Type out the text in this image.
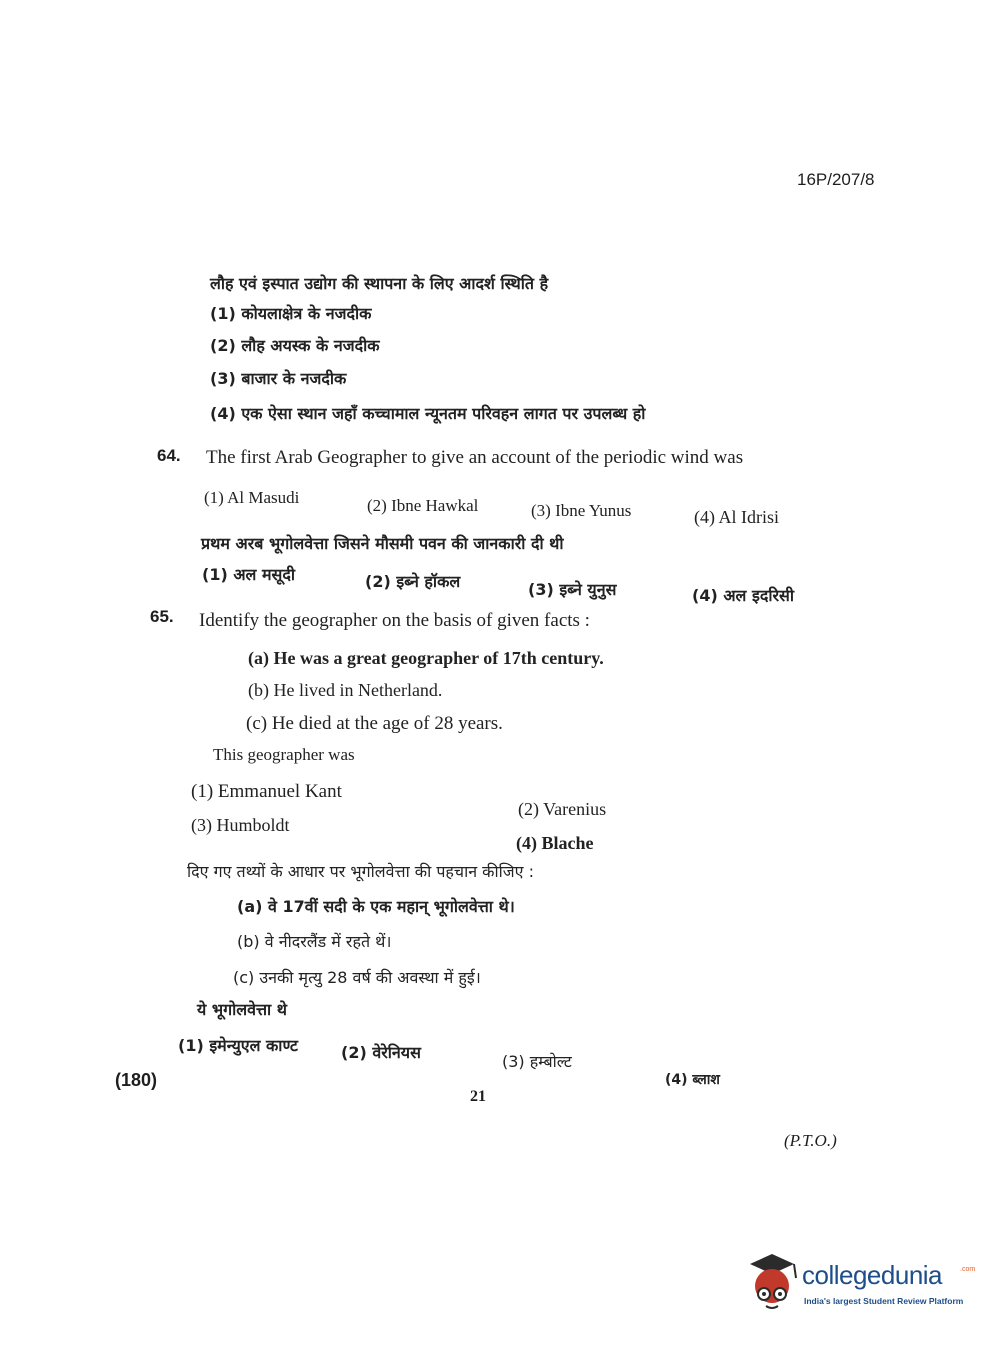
16P/207/8
लौह एवं इस्पात उद्योग की स्थापना के लिए आदर्श स्थिति है
(1) कोयलाक्षेत्र के नजदीक
(2) लौह अयस्क के नजदीक
(3) बाजार के नजदीक
(4) एक ऐसा स्थान जहाँ कच्चामाल न्यूनतम परिवहन लागत पर उपलब्ध हो
64. The first Arab Geographer to give an account of the periodic wind was
(1) Al Masudi	(2) Ibne Hawkal	(3) Ibne Yunus	(4) Al Idrisi
प्रथम अरब भूगोलवेत्ता जिसने मौसमी पवन की जानकारी दी थी
(1) अल मसूदी	(2) इब्ने हॉकल	(3) इब्ने युनुस	(4) अल इदरिसी
65. Identify the geographer on the basis of given facts :
(a) He was a great geographer of 17th century.
(b) He lived in Netherland.
(c) He died at the age of 28 years.
This geographer was
(1) Emmanuel Kant
(2) Varenius
(3) Humboldt
(4) Blache
दिए गए तथ्यों के आधार पर भूगोलवेत्ता की पहचान कीजिए :
(a) वे 17वीं सदी के एक महान् भूगोलवेत्ता थे।
(b) वे नीदरलैंड में रहते थें।
(c) उनकी मृत्यु 28 वर्ष की अवस्था में हुई।
ये भूगोलवेत्ता थे
(1) इमेन्युएल काण्ट	(2) वेरेनियस	(3) हम्बोल्ट
(4) ब्लाश
(180)
21
(P.T.O.)
collegedunia	.com
India's largest Student Review Platform
